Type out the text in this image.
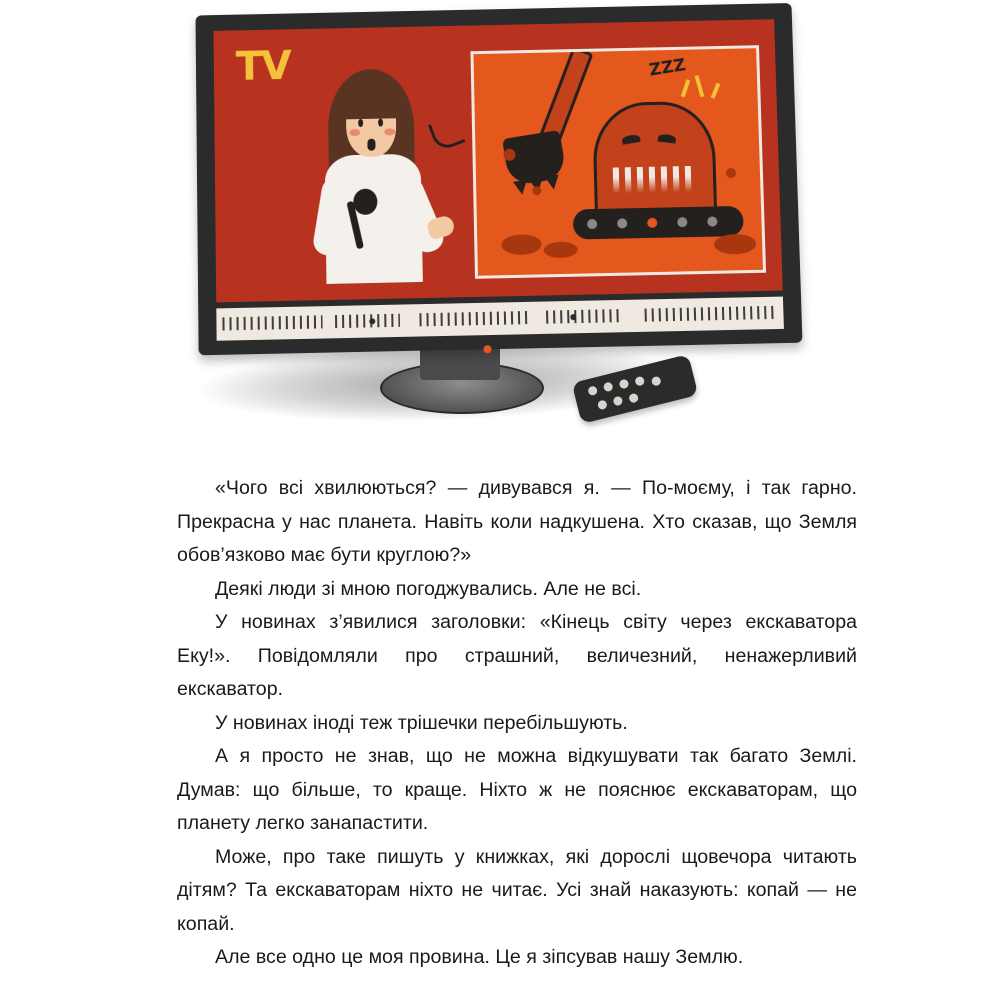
TV	ZZZ

«Чого всі хвилюються? — дивувався я. — По-моєму, і так гарно. Прекрасна у нас планета. Навіть коли надкушена. Хто сказав, що Земля обов’язково має бути круглою?»

Деякі люди зі мною погоджувались. Але не всі.

У новинах з’явилися заголовки: «Кінець світу через екскаватора Еку!». Повідомляли про страшний, величезний, ненажерливий екскаватор.

У новинах іноді теж трішечки перебільшують.

А я просто не знав, що не можна відкушувати так багато Землі. Думав: що більше, то краще. Ніхто ж не пояснює екскаваторам, що планету легко занапастити.

Може, про таке пишуть у книжках, які дорослі щовечора читають дітям? Та екскаваторам ніхто не читає. Усі знай наказують: копай — не копай.

Але все одно це моя провина. Це я зіпсував нашу Землю.
